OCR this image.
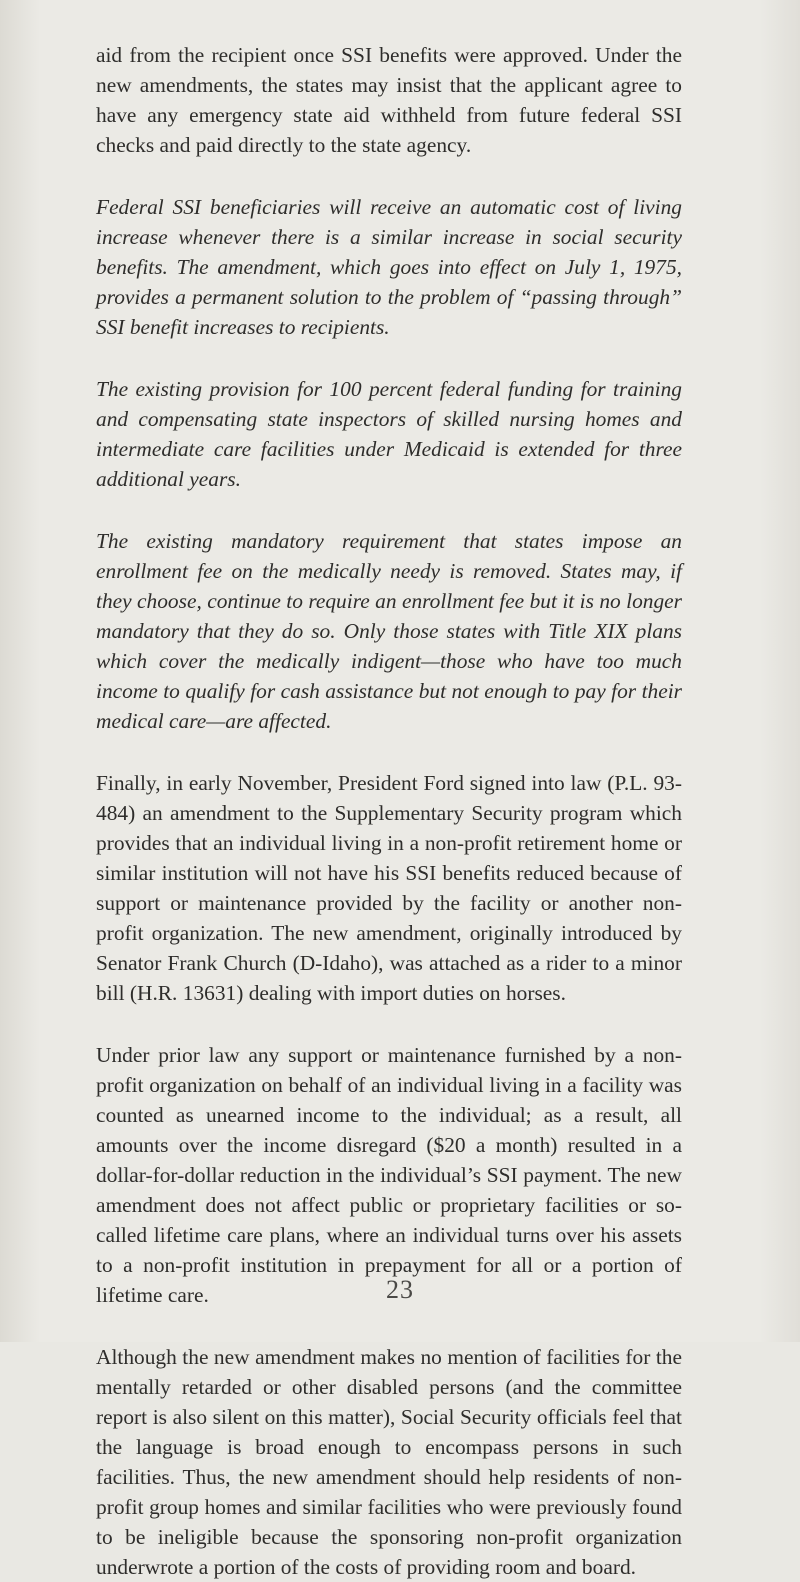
aid from the recipient once SSI benefits were approved. Under the new amendments, the states may insist that the applicant agree to have any emergency state aid withheld from future federal SSI checks and paid directly to the state agency.

Federal SSI beneficiaries will receive an automatic cost of living increase whenever there is a similar increase in social security benefits. The amendment, which goes into effect on July 1, 1975, provides a permanent solution to the problem of “passing through” SSI benefit increases to recipients.

The existing provision for 100 percent federal funding for training and compensating state inspectors of skilled nursing homes and intermediate care facilities under Medicaid is extended for three additional years.

The existing mandatory requirement that states impose an enrollment fee on the medically needy is removed. States may, if they choose, continue to require an enrollment fee but it is no longer mandatory that they do so. Only those states with Title XIX plans which cover the medically indigent—those who have too much income to qualify for cash assistance but not enough to pay for their medical care—are affected.

Finally, in early November, President Ford signed into law (P.L. 93-484) an amendment to the Supplementary Security program which provides that an individual living in a non-profit retirement home or similar institution will not have his SSI benefits reduced because of support or maintenance provided by the facility or another non-profit organization. The new amendment, originally introduced by Senator Frank Church (D-Idaho), was attached as a rider to a minor bill (H.R. 13631) dealing with import duties on horses.

Under prior law any support or maintenance furnished by a non-profit organization on behalf of an individual living in a facility was counted as unearned income to the individual; as a result, all amounts over the income disregard ($20 a month) resulted in a dollar-for-dollar reduction in the individual’s SSI payment. The new amendment does not affect public or proprietary facilities or so-called lifetime care plans, where an individual turns over his assets to a non-profit institution in prepayment for all or a portion of lifetime care.

Although the new amendment makes no mention of facilities for the mentally retarded or other disabled persons (and the committee report is also silent on this matter), Social Security officials feel that the language is broad enough to encompass persons in such facilities. Thus, the new amendment should help residents of non-profit group homes and similar facilities who were previously found to be ineligible because the sponsoring non-profit organization underwrote a portion of the costs of providing room and board.

23
